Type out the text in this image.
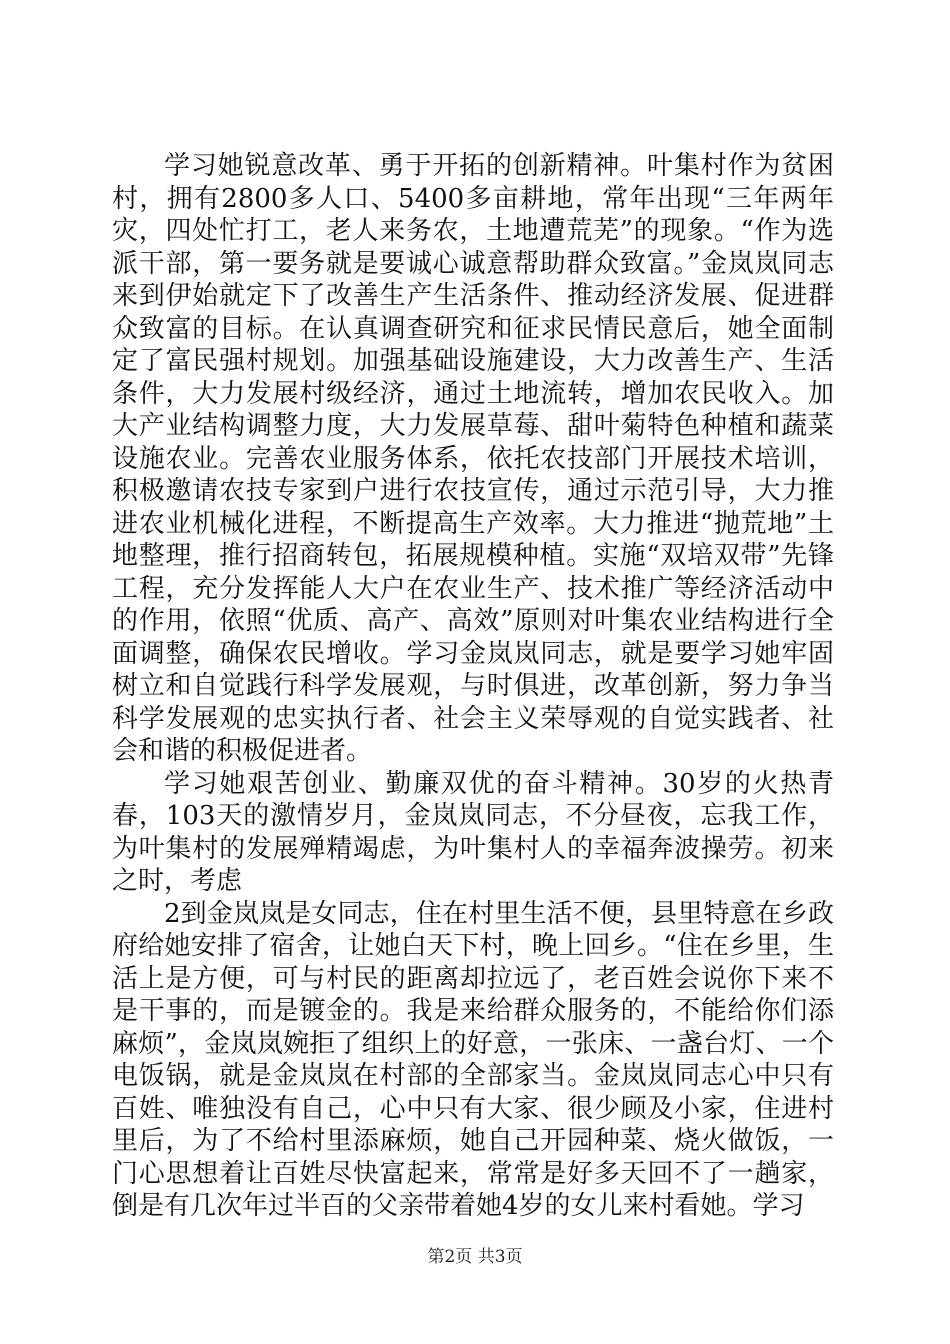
学习她锐意改革、勇于开拓的创新精神。叶集村作为贫困村，拥有2800多人口、5400多亩耕地，常年出现“三年两年灾，四处忙打工，老人来务农，土地遭荒芜”的现象。“作为选派干部，第一要务就是要诚心诚意帮助群众致富。”金岚岚同志来到伊始就定下了改善生产生活条件、推动经济发展、促进群众致富的目标。在认真调查研究和征求民情民意后，她全面制定了富民强村规划。加强基础设施建设，大力改善生产、生活条件，大力发展村级经济，通过土地流转，增加农民收入。加大产业结构调整力度，大力发展草莓、甜叶菊特色种植和蔬菜设施农业。完善农业服务体系，依托农技部门开展技术培训，积极邀请农技专家到户进行农技宣传，通过示范引导，大力推进农业机械化进程，不断提高生产效率。大力推进“抛荒地”土地整理，推行招商转包，拓展规模种植。实施“双培双带”先锋工程，充分发挥能人大户在农业生产、技术推广等经济活动中的作用，依照“优质、高产、高效”原则对叶集农业结构进行全面调整，确保农民增收。学习金岚岚同志，就是要学习她牢固树立和自觉践行科学发展观，与时俱进，改革创新，努力争当科学发展观的忠实执行者、社会主义荣辱观的自觉实践者、社会和谐的积极促进者。

学习她艰苦创业、勤廉双优的奋斗精神。30岁的火热青春，103天的激情岁月，金岚岚同志，不分昼夜，忘我工作，为叶集村的发展殚精竭虑，为叶集村人的幸福奔波操劳。初来之时，考虑

2到金岚岚是女同志，住在村里生活不便，县里特意在乡政府给她安排了宿舍，让她白天下村，晚上回乡。“住在乡里，生活上是方便，可与村民的距离却拉远了，老百姓会说你下来不是干事的，而是镀金的。我是来给群众服务的，不能给你们添麻烦”，金岚岚婉拒了组织上的好意，一张床、一盏台灯、一个电饭锅，就是金岚岚在村部的全部家当。金岚岚同志心中只有百姓、唯独没有自己，心中只有大家、很少顾及小家，住进村里后，为了不给村里添麻烦，她自己开园种菜、烧火做饭，一门心思想着让百姓尽快富起来，常常是好多天回不了一趟家，倒是有几次年过半百的父亲带着她4岁的女儿来村看她。学习

第2页 共3页
